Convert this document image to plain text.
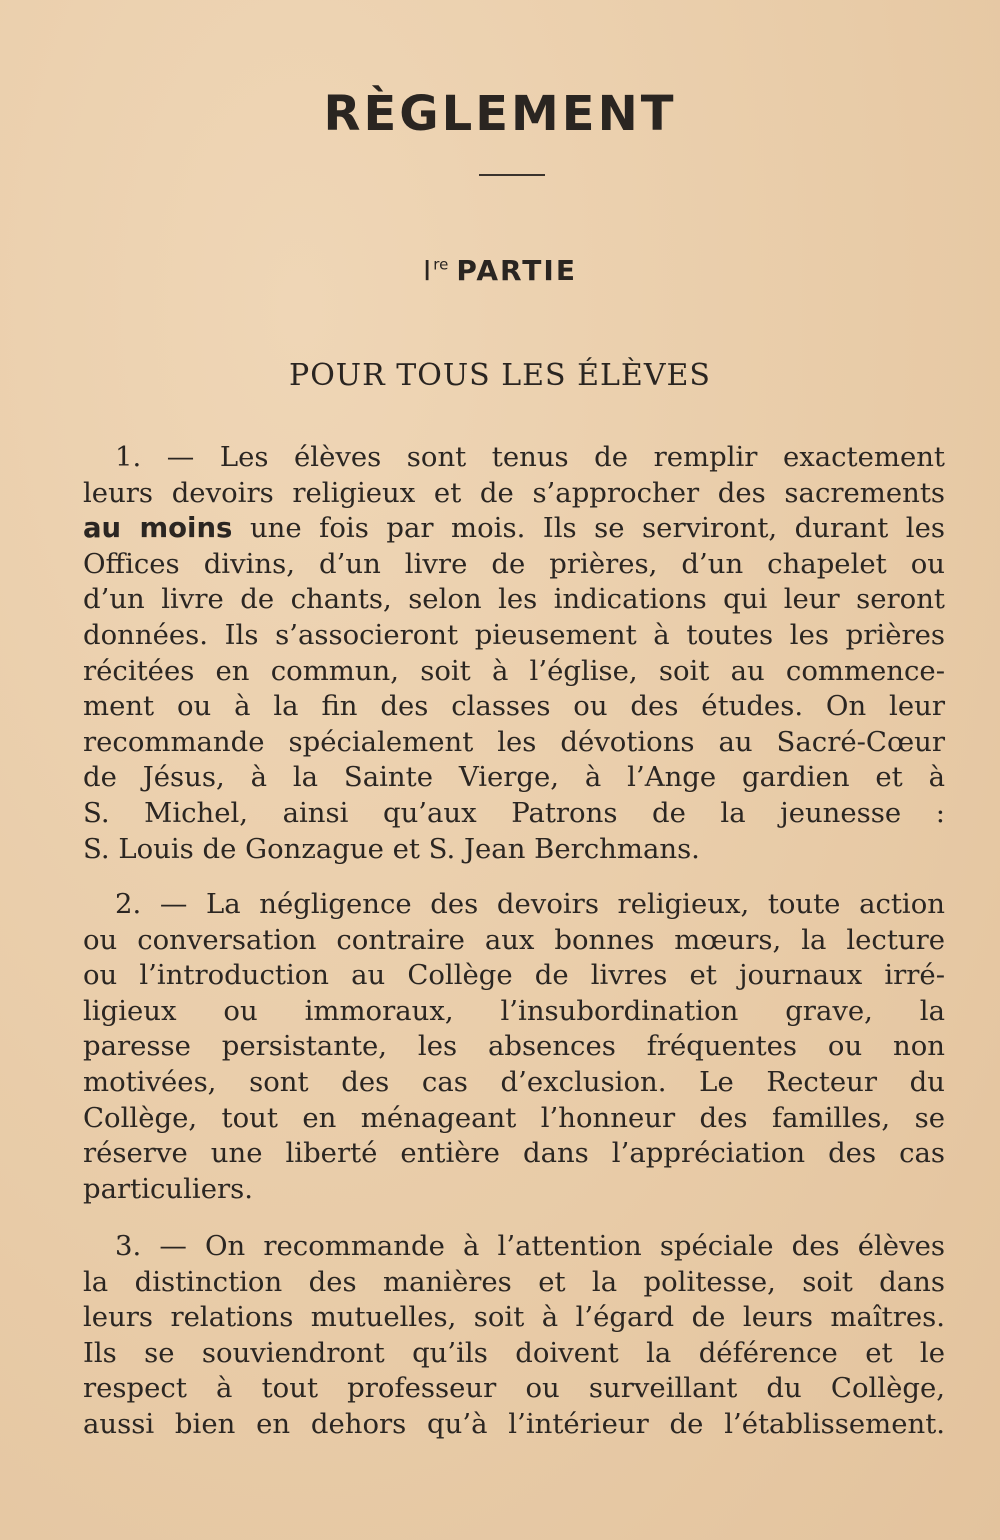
RÈGLEMENT
Ire PARTIE
POUR TOUS LES ÉLÈVES
1. — Les élèves sont tenus de remplir exactement
leurs devoirs religieux et de s’approcher des sacrements
au moins une fois par mois. Ils se serviront, durant les
Offices divins, d’un livre de prières, d’un chapelet ou
d’un livre de chants, selon les indications qui leur seront
données. Ils s’associeront pieusement à toutes les prières
récitées en commun, soit à l’église, soit au commence-
ment ou à la fin des classes ou des études. On leur
recommande spécialement les dévotions au Sacré-Cœur
de Jésus, à la Sainte Vierge, à l’Ange gardien et à
S. Michel, ainsi qu’aux Patrons de la jeunesse :
S. Louis de Gonzague et S. Jean Berchmans.
2. — La négligence des devoirs religieux, toute action
ou conversation contraire aux bonnes mœurs, la lecture
ou l’introduction au Collège de livres et journaux irré-
ligieux ou immoraux, l’insubordination grave, la
paresse persistante, les absences fréquentes ou non
motivées, sont des cas d’exclusion. Le Recteur du
Collège, tout en ménageant l’honneur des familles, se
réserve une liberté entière dans l’appréciation des cas
particuliers.
3. — On recommande à l’attention spéciale des élèves
la distinction des manières et la politesse, soit dans
leurs relations mutuelles, soit à l’égard de leurs maîtres.
Ils se souviendront qu’ils doivent la déférence et le
respect à tout professeur ou surveillant du Collège,
aussi bien en dehors qu’à l’intérieur de l’établissement.
